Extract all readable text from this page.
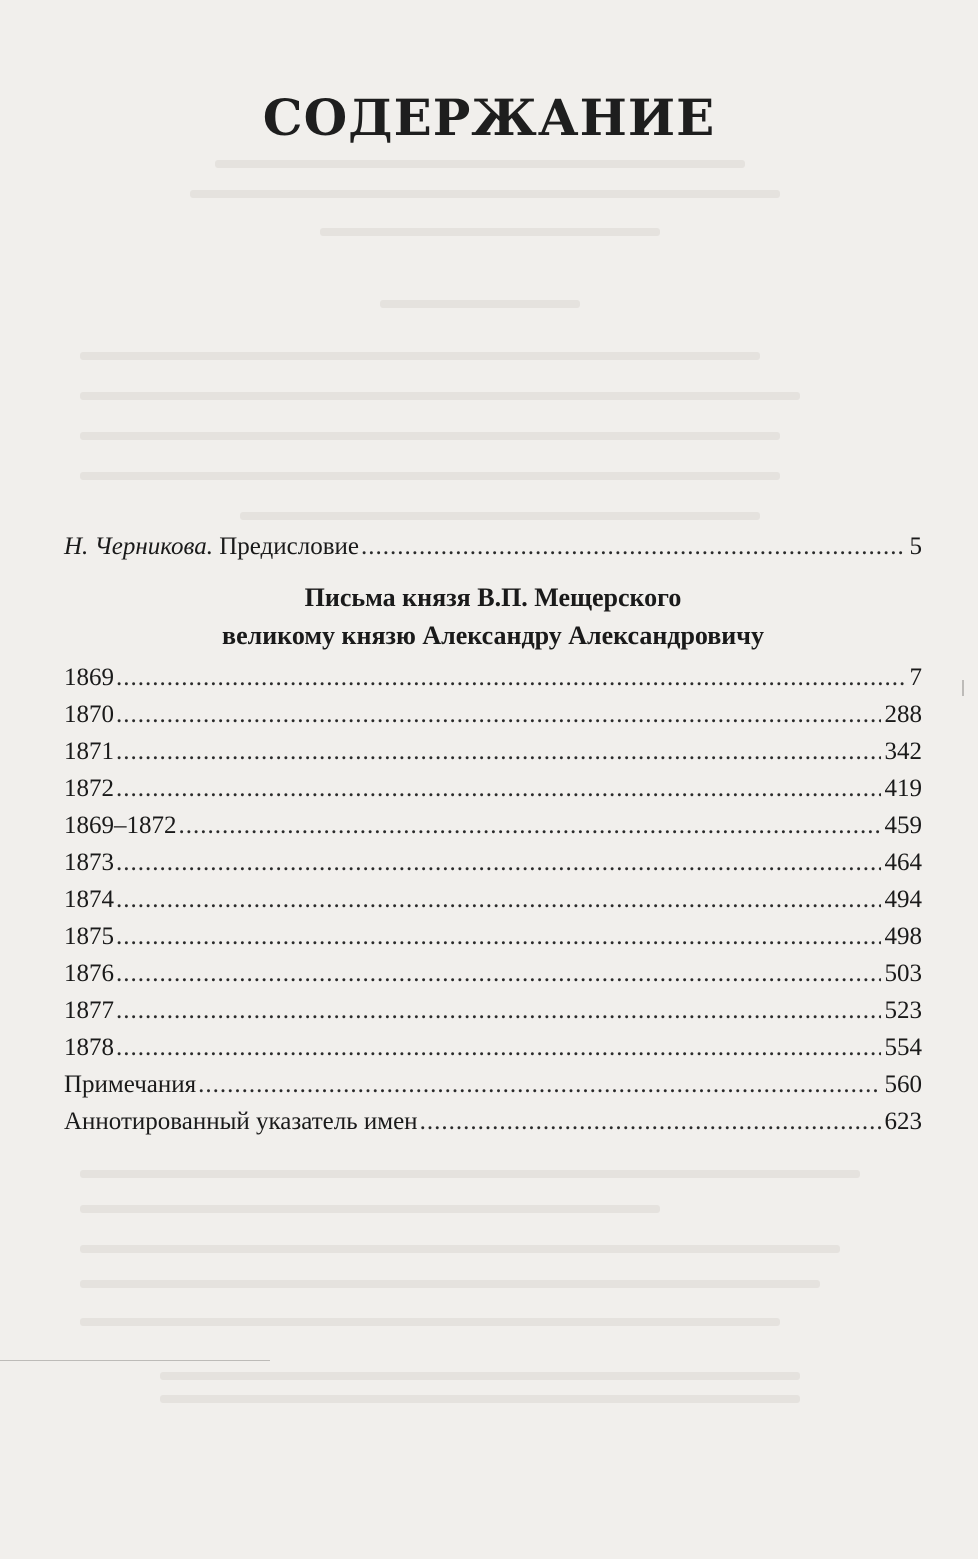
СОДЕРЖАНИЕ
Н. Черникова. Предисловие .....	5
Письма князя В.П. Мещерского
великому князю Александру Александровичу
1869 .....	7
1870 .....	288
1871 .....	342
1872 .....	419
1869–1872 .....	459
1873 .....	464
1874 .....	494
1875 .....	498
1876 .....	503
1877 .....	523
1878 .....	554
Примечания .....	560
Аннотированный указатель имен .....	623
